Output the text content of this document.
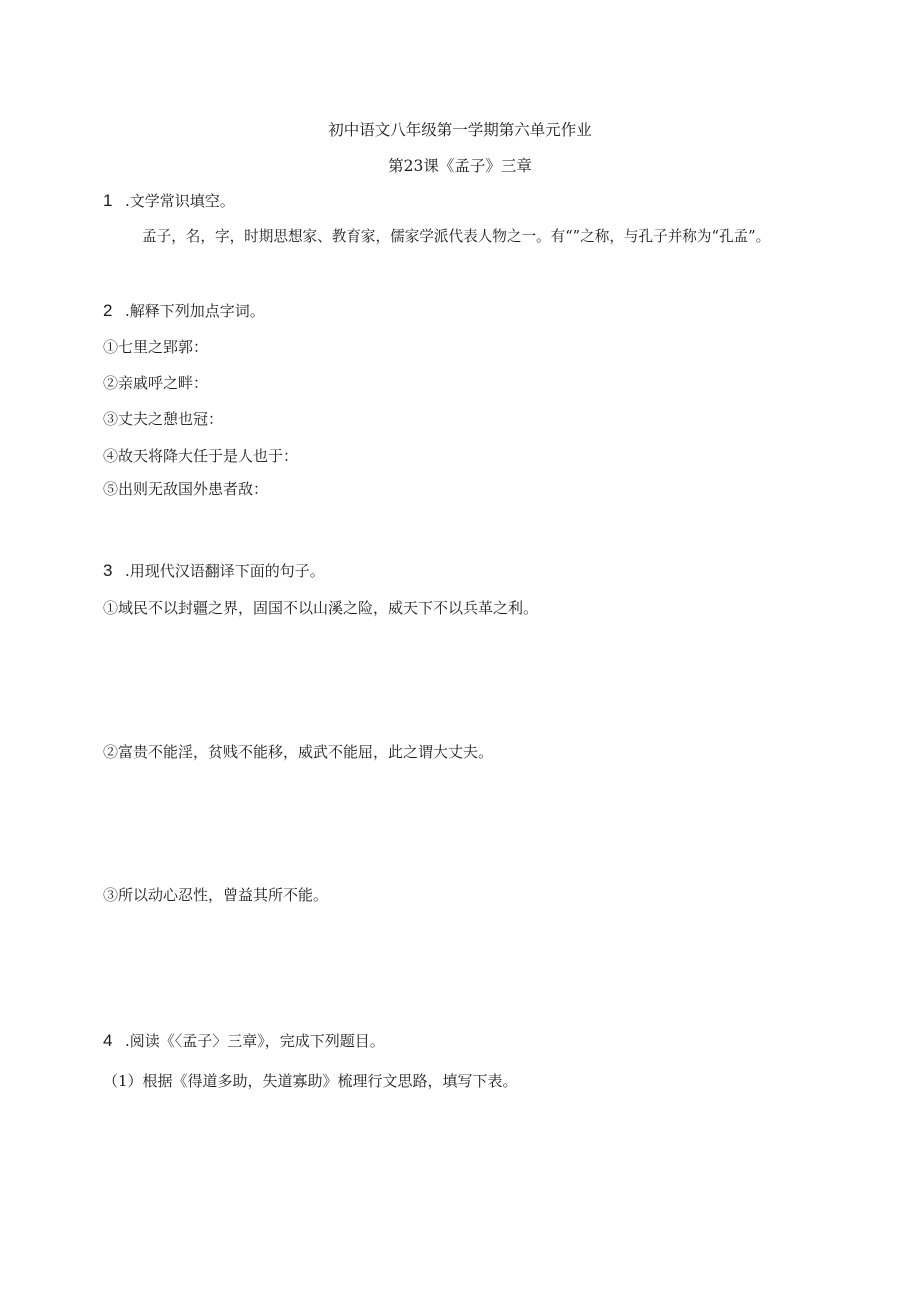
初中语文八年级第一学期第六单元作业
第23课《孟子》三章
1 .文学常识填空。
孟子，名，字，时期思想家、教育家，儒家学派代表人物之一。有“”之称，与孔子并称为“孔孟”。
2 .解释下列加点字词。
①七里之郢郭：
②亲戚呼之畔：
③丈夫之憩也冠：
④故天将降大任于是人也于：
⑤出则无敌国外患者敌：
3 .用现代汉语翻译下面的句子。
①域民不以封疆之界，固国不以山溪之险，威天下不以兵革之利。
②富贵不能淫，贫贱不能移，威武不能屈，此之谓大丈夫。
③所以动心忍性，曾益其所不能。
4 .阅读《〈孟子〉三章》，完成下列题目。
（1）根据《得道多助，失道寡助》梳理行文思路，填写下表。
